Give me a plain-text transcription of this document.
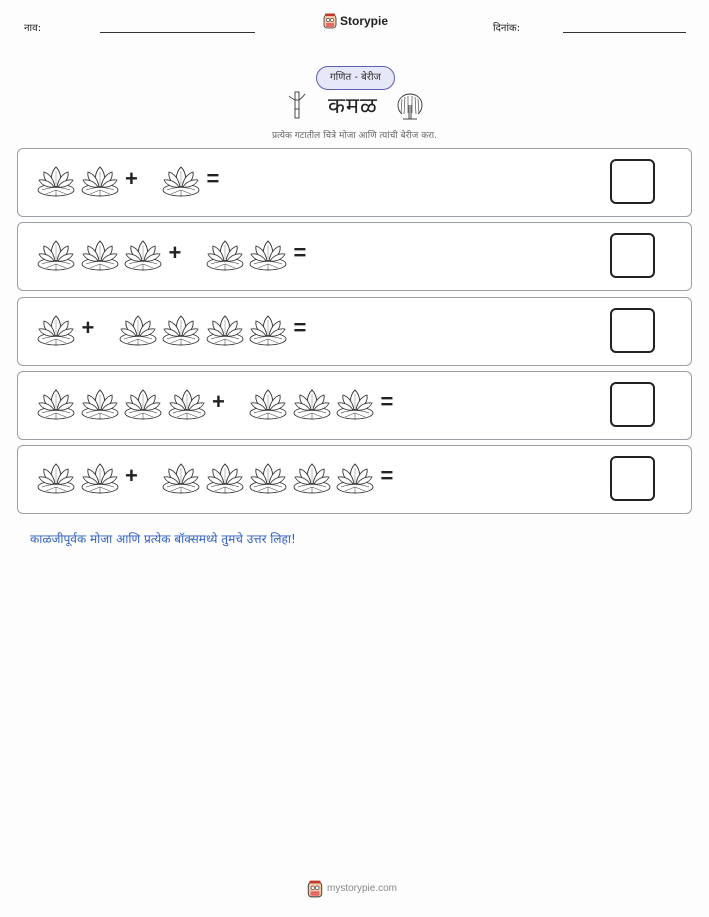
नाव:
Storypie
दिनांक:
गणित - बेरीज
कमळ
प्रत्येक गटातील चित्रे मोजा आणि त्यांची बेरीज करा.
+	=
+	=
+	=
+	=
+	=
काळजीपूर्वक मोजा आणि प्रत्येक बॉक्समध्ये तुमचे उत्तर लिहा!
mystorypie.com
